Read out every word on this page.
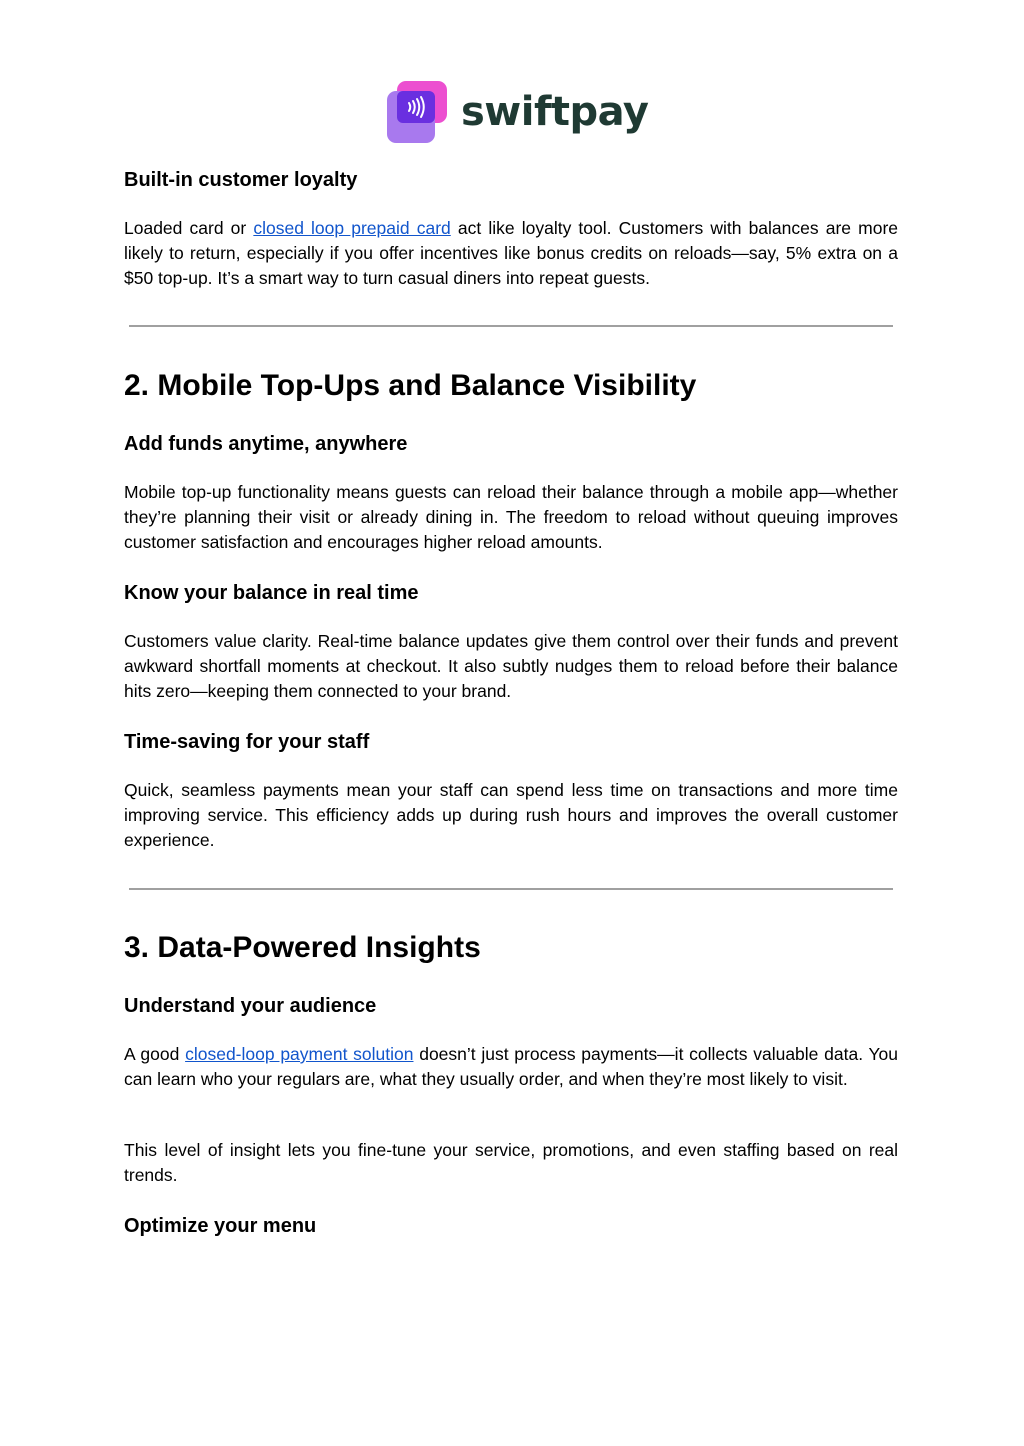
swiftpay
Built-in customer loyalty

Loaded card or closed loop prepaid card act like loyalty tool. Customers with balances are more likely to return, especially if you offer incentives like bonus credits on reloads—say, 5% extra on a $50 top-up. It’s a smart way to turn casual diners into repeat guests.

2. Mobile Top-Ups and Balance Visibility
Add funds anytime, anywhere

Mobile top-up functionality means guests can reload their balance through a mobile app—whether they’re planning their visit or already dining in. The freedom to reload without queuing improves customer satisfaction and encourages higher reload amounts.

Know your balance in real time

Customers value clarity. Real-time balance updates give them control over their funds and prevent awkward shortfall moments at checkout. It also subtly nudges them to reload before their balance hits zero—keeping them connected to your brand.

Time-saving for your staff

Quick, seamless payments mean your staff can spend less time on transactions and more time improving service. This efficiency adds up during rush hours and improves the overall customer experience.

3. Data-Powered Insights
Understand your audience

A good closed-loop payment solution doesn’t just process payments—it collects valuable data. You can learn who your regulars are, what they usually order, and when they’re most likely to visit.

This level of insight lets you fine-tune your service, promotions, and even staffing based on real trends.

Optimize your menu
